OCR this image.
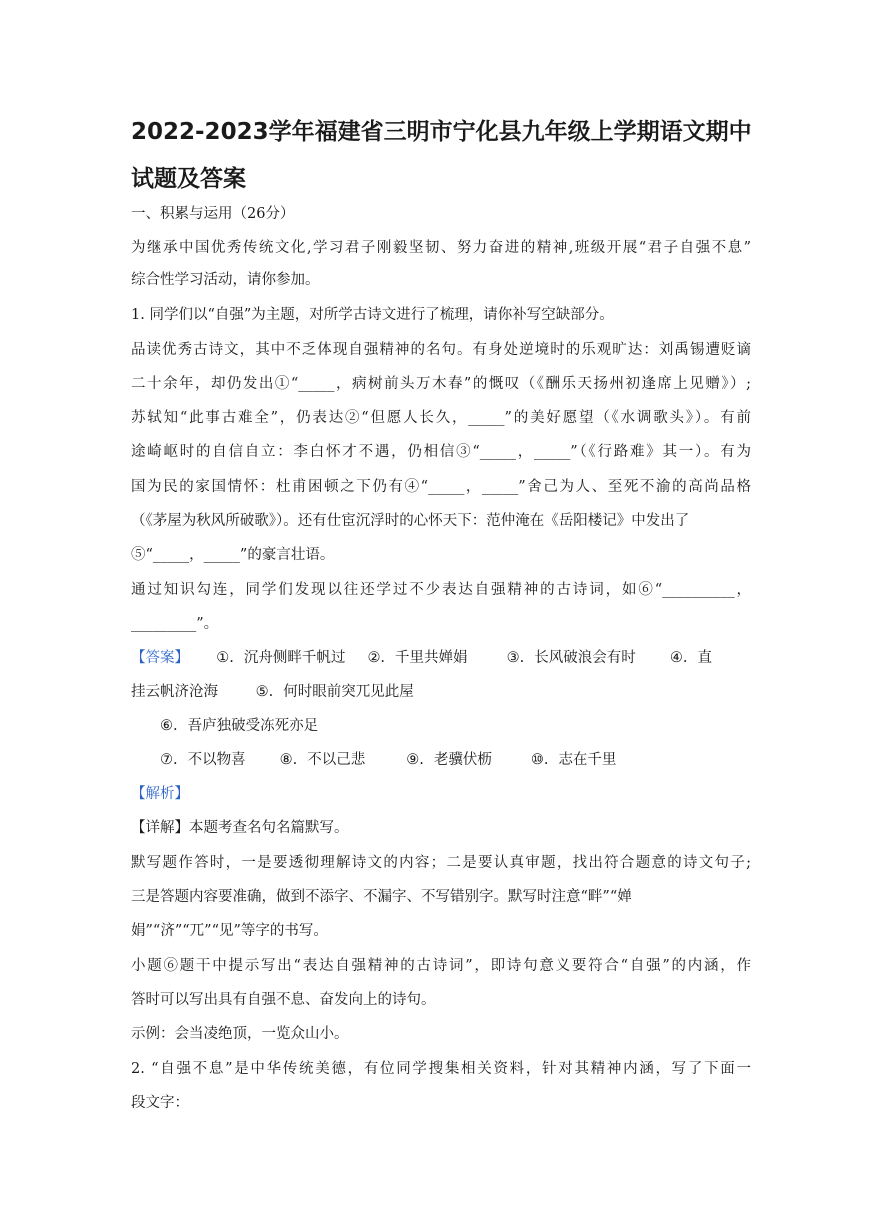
2022-2023学年福建省三明市宁化县九年级上学期语文期中
试题及答案
一、积累与运用（26分）
为继承中国优秀传统文化,学习君子刚毅坚韧、努力奋进的精神,班级开展“君子自强不息”
综合性学习活动，请你参加。
1. 同学们以“自强”为主题，对所学古诗文进行了梳理，请你补写空缺部分。
品读优秀古诗文，其中不乏体现自强精神的名句。有身处逆境时的乐观旷达：刘禹锡遭贬谪
二十余年，却仍发出①“_____，病树前头万木春”的慨叹（《酬乐天扬州初逢席上见赠》）;
苏轼知“此事古难全”，仍表达②“但愿人长久，_____”的美好愿望（《水调歌头》）。有前
途崎岖时的自信自立：李白怀才不遇，仍相信③“_____，_____”（《行路难》其一）。有为
国为民的家国情怀：杜甫困顿之下仍有④“_____，_____”舍己为人、至死不渝的高尚品格
（《茅屋为秋风所破歌》）。还有仕宦沉浮时的心怀天下：范仲淹在《岳阳楼记》中发出了
⑤“_____，_____”的豪言壮语。
通过知识勾连，同学们发现以往还学过不少表达自强精神的古诗词，如⑥“__________，
_________”。
【答案】 ①. 沉舟侧畔千帆过 ②. 千里共婵娟	③. 长风破浪会有时 ④. 直
挂云帆济沧海	⑤. 何时眼前突兀见此屋
⑥. 吾庐独破受冻死亦足
⑦. 不以物喜 ⑧. 不以己悲	⑨. 老骥伏枥	⑩. 志在千里
【解析】
【详解】本题考查名句名篇默写。
默写题作答时，一是要透彻理解诗文的内容；二是要认真审题，找出符合题意的诗文句子;
三是答题内容要准确，做到不添字、不漏字、不写错别字。默写时注意“畔”“婵
娟”“济”“兀”“见”等字的书写。
小题⑥题干中提示写出“表达自强精神的古诗词”，即诗句意义要符合“自强”的内涵，作
答时可以写出具有自强不息、奋发向上的诗句。
示例：会当凌绝顶，一览众山小。
2. “自强不息”是中华传统美德，有位同学搜集相关资料，针对其精神内涵，写了下面一
段文字：
